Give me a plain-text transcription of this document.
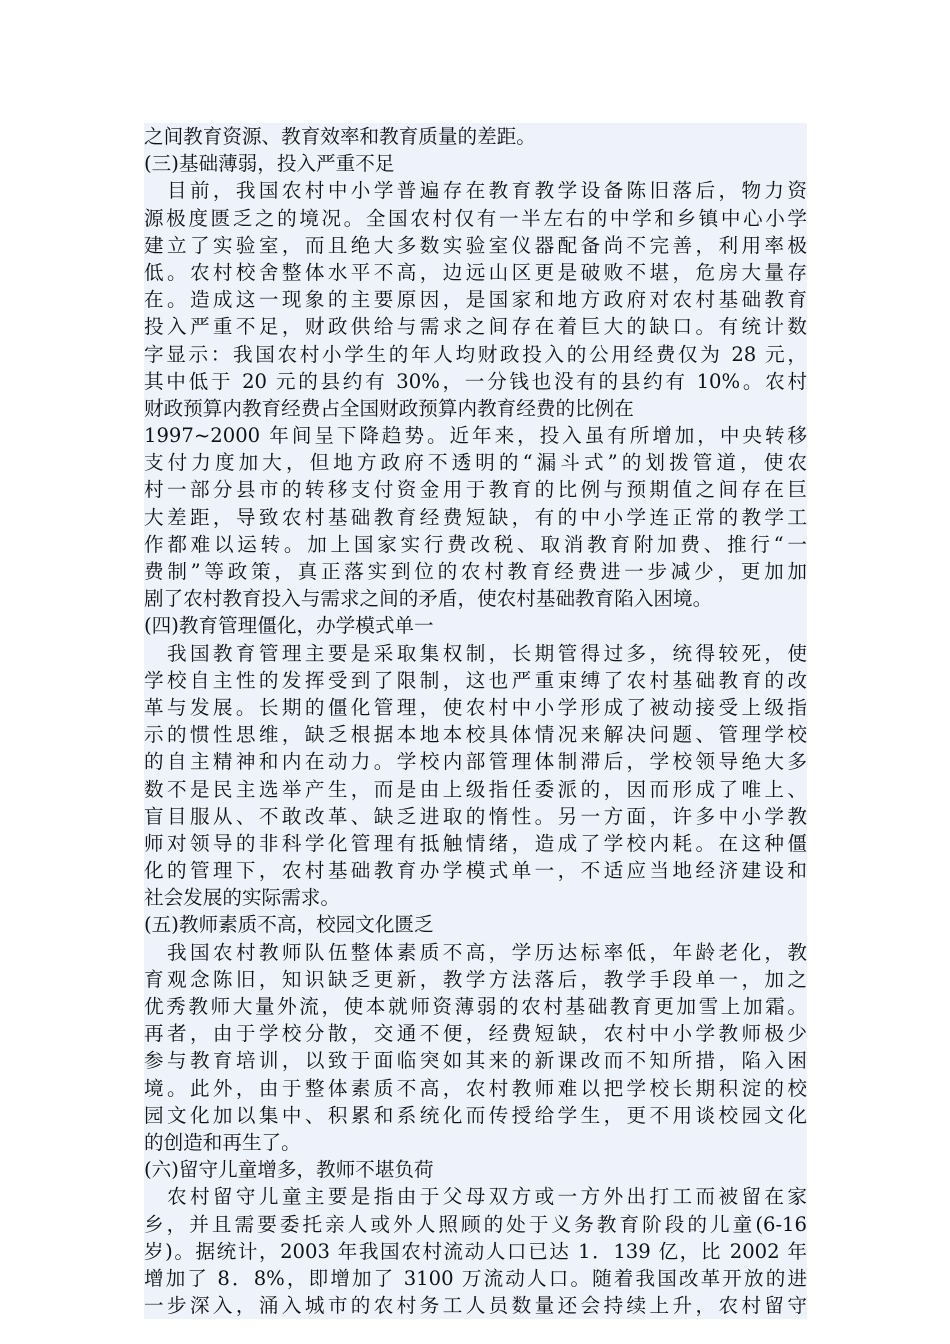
之间教育资源、教育效率和教育质量的差距。
(三)基础薄弱，投入严重不足
　目前，我国农村中小学普遍存在教育教学设备陈旧落后，物力资
源极度匮乏之的境况。全国农村仅有一半左右的中学和乡镇中心小学
建立了实验室，而且绝大多数实验室仪器配备尚不完善，利用率极
低。农村校舍整体水平不高，边远山区更是破败不堪，危房大量存
在。造成这一现象的主要原因，是国家和地方政府对农村基础教育
投入严重不足，财政供给与需求之间存在着巨大的缺口。有统计数
字显示：我国农村小学生的年人均财政投入的公用经费仅为 28 元，
其中低于 20 元的县约有 30%，一分钱也没有的县约有 10%。农村
财政预算内教育经费占全国财政预算内教育经费的比例在
1997~2000 年间呈下降趋势。近年来，投入虽有所增加，中央转移
支付力度加大，但地方政府不透明的“漏斗式”的划拨管道，使农
村一部分县市的转移支付资金用于教育的比例与预期值之间存在巨
大差距，导致农村基础教育经费短缺，有的中小学连正常的教学工
作都难以运转。加上国家实行费改税、取消教育附加费、推行“一
费制”等政策，真正落实到位的农村教育经费进一步减少，更加加
剧了农村教育投入与需求之间的矛盾，使农村基础教育陷入困境。
(四)教育管理僵化，办学模式单一
　我国教育管理主要是采取集权制，长期管得过多，统得较死，使
学校自主性的发挥受到了限制，这也严重束缚了农村基础教育的改
革与发展。长期的僵化管理，使农村中小学形成了被动接受上级指
示的惯性思维，缺乏根据本地本校具体情况来解决问题、管理学校
的自主精神和内在动力。学校内部管理体制滞后，学校领导绝大多
数不是民主选举产生，而是由上级指任委派的，因而形成了唯上、
盲目服从、不敢改革、缺乏进取的惰性。另一方面，许多中小学教
师对领导的非科学化管理有抵触情绪，造成了学校内耗。在这种僵
化的管理下，农村基础教育办学模式单一，不适应当地经济建设和
社会发展的实际需求。
(五)教师素质不高，校园文化匮乏
　我国农村教师队伍整体素质不高，学历达标率低，年龄老化，教
育观念陈旧，知识缺乏更新，教学方法落后，教学手段单一，加之
优秀教师大量外流，使本就师资薄弱的农村基础教育更加雪上加霜。
再者，由于学校分散，交通不便，经费短缺，农村中小学教师极少
参与教育培训，以致于面临突如其来的新课改而不知所措，陷入困
境。此外，由于整体素质不高，农村教师难以把学校长期积淀的校
园文化加以集中、积累和系统化而传授给学生，更不用谈校园文化
的创造和再生了。
(六)留守儿童增多，教师不堪负荷
　农村留守儿童主要是指由于父母双方或一方外出打工而被留在家
乡，并且需要委托亲人或外人照顾的处于义务教育阶段的儿童(6-16
岁)。据统计，2003 年我国农村流动人口已达 1．139 亿，比 2002 年
增加了 8．8%，即增加了 3100 万流动人口。随着我国改革开放的进
一步深入，涌入城市的农村务工人员数量还会持续上升，农村留守
